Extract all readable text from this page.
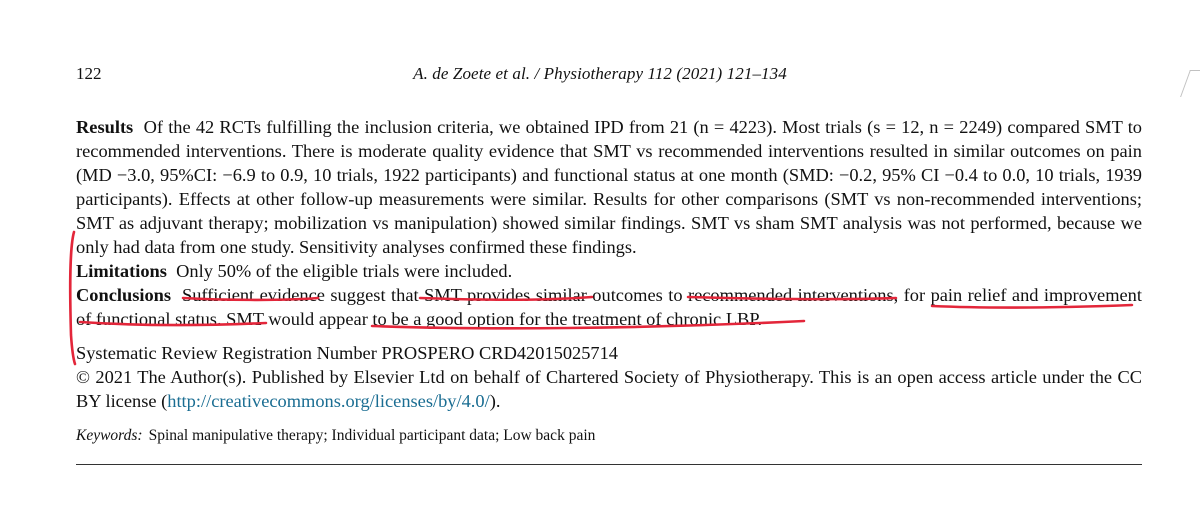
122	A. de Zoete et al. / Physiotherapy 112 (2021) 121–134

Results Of the 42 RCTs fulfilling the inclusion criteria, we obtained IPD from 21 (n = 4223). Most trials (s = 12, n = 2249) compared SMT to recommended interventions. There is moderate quality evidence that SMT vs recommended interventions resulted in similar outcomes on pain (MD −3.0, 95%CI: −6.9 to 0.9, 10 trials, 1922 participants) and functional status at one month (SMD: −0.2, 95% CI −0.4 to 0.0, 10 trials, 1939 participants). Effects at other follow-up measurements were similar. Results for other comparisons (SMT vs non-recommended interventions; SMT as adjuvant therapy; mobilization vs manipulation) showed similar findings. SMT vs sham SMT analysis was not performed, because we only had data from one study. Sensitivity analyses confirmed these findings.

Limitations Only 50% of the eligible trials were included.

Conclusions Sufficient evidence suggest that SMT provides similar outcomes to recommended interventions, for pain relief and improvement of functional status. SMT would appear to be a good option for the treatment of chronic LBP.

Systematic Review Registration Number PROSPERO CRD42015025714

© 2021 The Author(s). Published by Elsevier Ltd on behalf of Chartered Society of Physiotherapy. This is an open access article under the CC BY license (http://creativecommons.org/licenses/by/4.0/).

Keywords: Spinal manipulative therapy; Individual participant data; Low back pain
